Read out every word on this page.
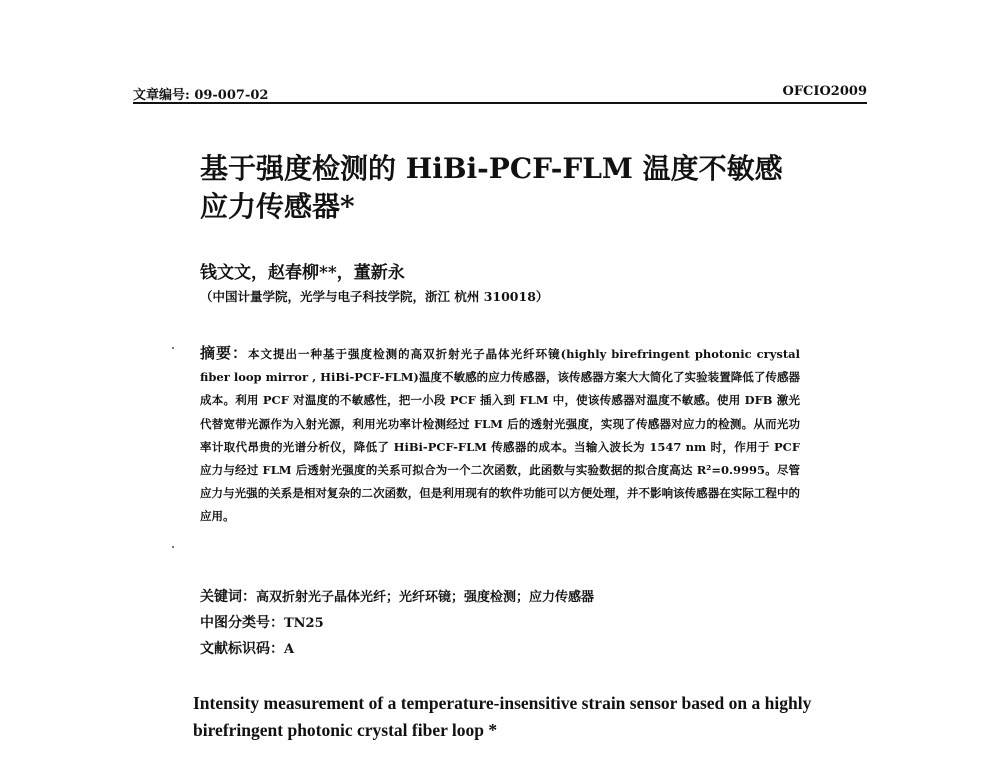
文章编号: 09-007-02	OFCIO2009
基于强度检测的 HiBi-PCF-FLM 温度不敏感应力传感器*
钱文文，赵春柳**，董新永
（中国计量学院，光学与电子科技学院，浙江 杭州 310018）

摘要：本文提出一种基于强度检测的高双折射光子晶体光纤环镜(highly birefringent photonic crystal fiber loop mirror , HiBi-PCF-FLM)温度不敏感的应力传感器，该传感器方案大大简化了实验装置降低了传感器成本。利用 PCF 对温度的不敏感性，把一小段 PCF 插入到 FLM 中，使该传感器对温度不敏感。使用 DFB 激光代替宽带光源作为入射光源，利用光功率计检测经过 FLM 后的透射光强度，实现了传感器对应力的检测。从而光功率计取代昂贵的光谱分析仪，降低了 HiBi-PCF-FLM 传感器的成本。当输入波长为 1547 nm 时，作用于 PCF 应力与经过 FLM 后透射光强度的关系可拟合为一个二次函数，此函数与实验数据的拟合度高达 R²=0.9995。尽管应力与光强的关系是相对复杂的二次函数，但是利用现有的软件功能可以方便处理，并不影响该传感器在实际工程中的应用。

关键词：高双折射光子晶体光纤；光纤环镜；强度检测；应力传感器
中图分类号：TN25
文献标识码：A

Intensity measurement of a temperature-insensitive strain sensor based on a highly birefringent photonic crystal fiber loop *
